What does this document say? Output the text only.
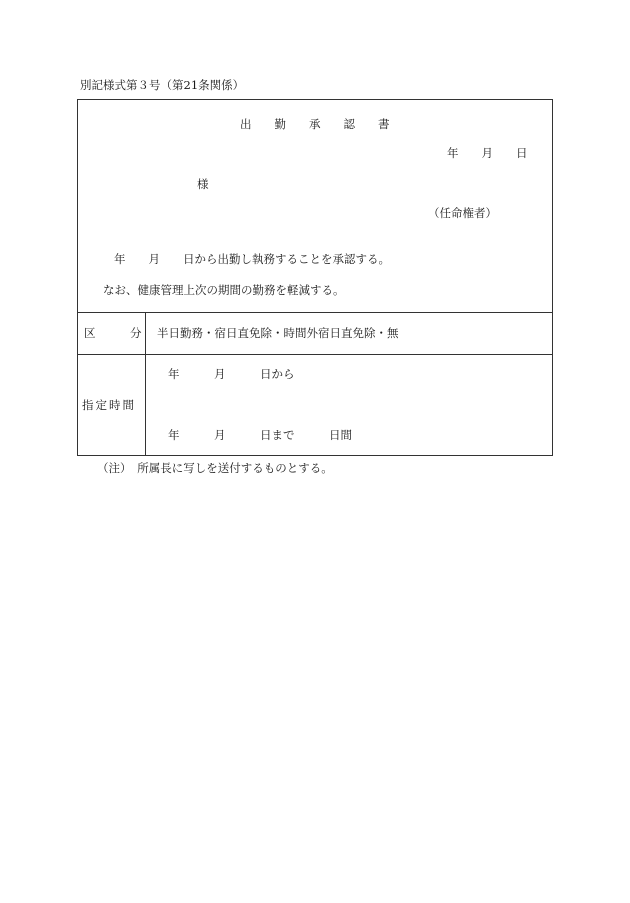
別記様式第３号（第21条関係）
出　　勤　　承　　認　　書
年　　月　　日
様
（任命権者）
年　　月　　日から出勤し執務することを承認する。
なお、健康管理上次の期間の勤務を軽減する。
区　　　分 半日勤務・宿日直免除・時間外宿日直免除・無
指定時間
年　　　月　　　日から
年　　　月　　　日まで　　　日間
（注）　所属長に写しを送付するものとする。
